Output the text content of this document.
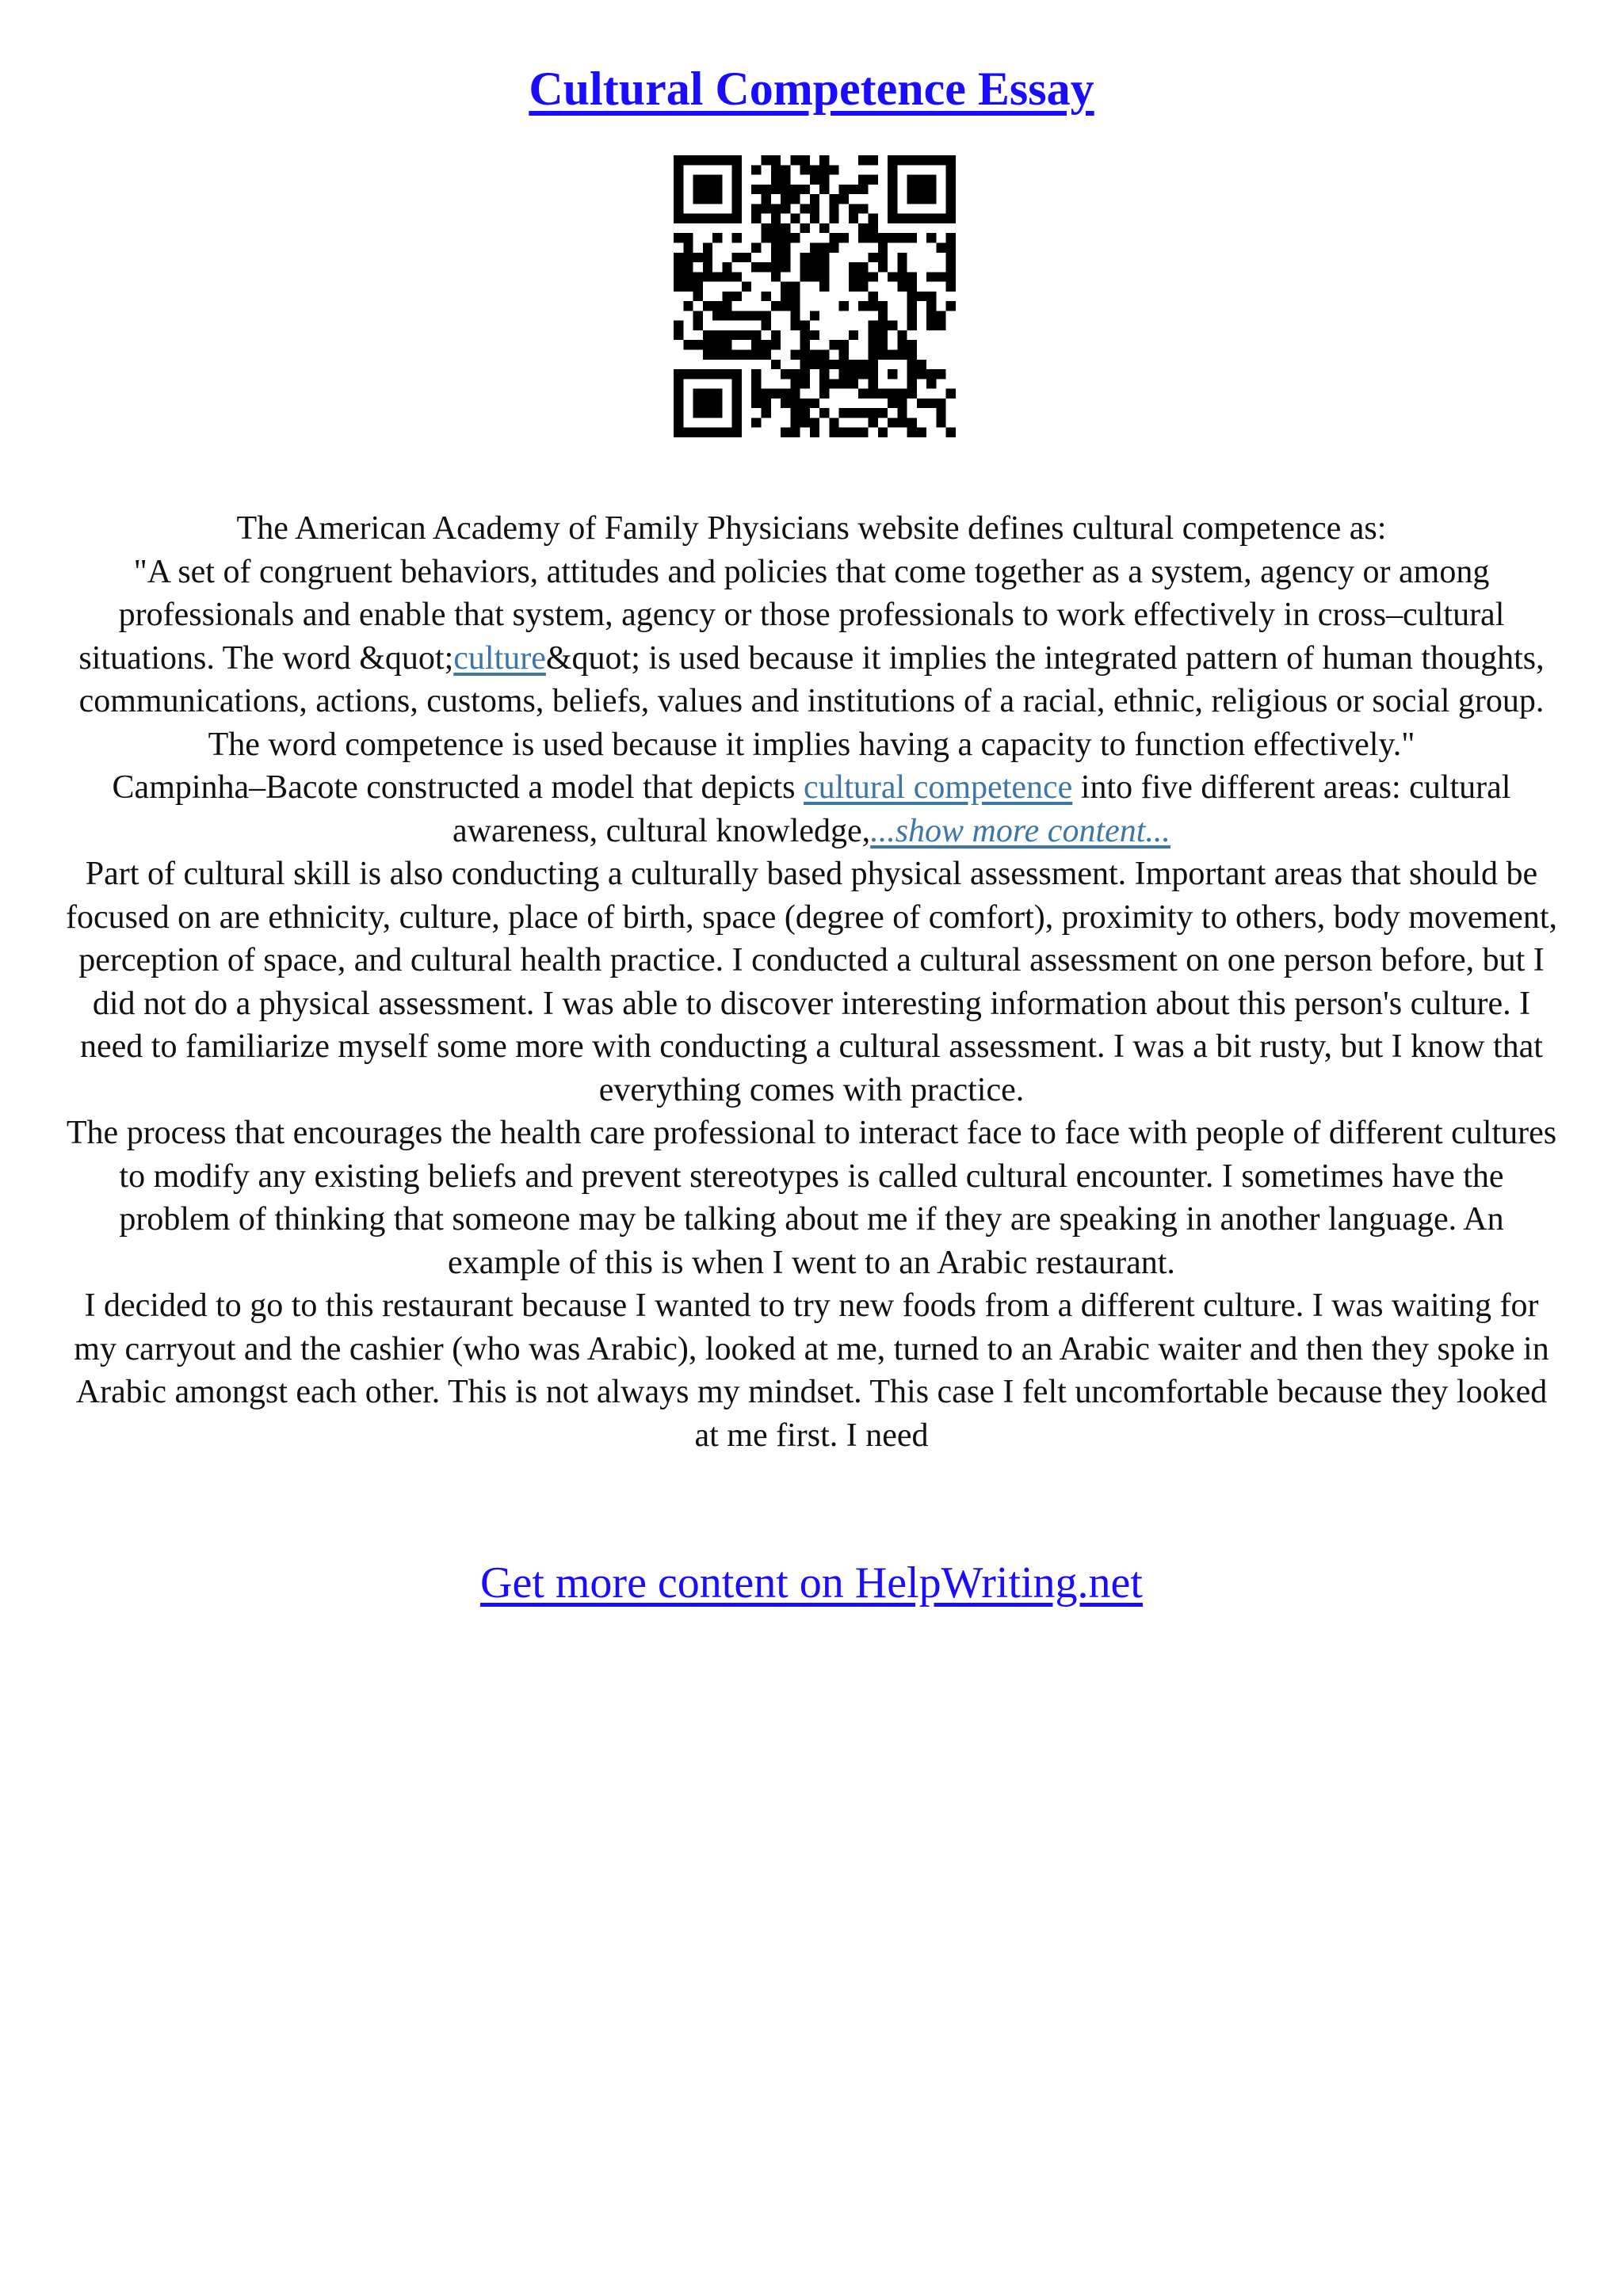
Cultural Competence Essay

The American Academy of Family Physicians website defines cultural competence as:

"A set of congruent behaviors, attitudes and policies that come together as a system, agency or among professionals and enable that system, agency or those professionals to work effectively in cross–cultural situations. The word &quot;culture&quot; is used because it implies the integrated pattern of human thoughts, communications, actions, customs, beliefs, values and institutions of a racial, ethnic, religious or social group. The word competence is used because it implies having a capacity to function effectively."

Campinha–Bacote constructed a model that depicts cultural competence into five different areas: cultural awareness, cultural knowledge,...show more content...

Part of cultural skill is also conducting a culturally based physical assessment. Important areas that should be focused on are ethnicity, culture, place of birth, space (degree of comfort), proximity to others, body movement, perception of space, and cultural health practice. I conducted a cultural assessment on one person before, but I did not do a physical assessment. I was able to discover interesting information about this person's culture. I need to familiarize myself some more with conducting a cultural assessment. I was a bit rusty, but I know that everything comes with practice.

The process that encourages the health care professional to interact face to face with people of different cultures to modify any existing beliefs and prevent stereotypes is called cultural encounter. I sometimes have the problem of thinking that someone may be talking about me if they are speaking in another language. An example of this is when I went to an Arabic restaurant.

I decided to go to this restaurant because I wanted to try new foods from a different culture. I was waiting for my carryout and the cashier (who was Arabic), looked at me, turned to an Arabic waiter and then they spoke in Arabic amongst each other. This is not always my mindset. This case I felt uncomfortable because they looked at me first. I need

Get more content on HelpWriting.net
